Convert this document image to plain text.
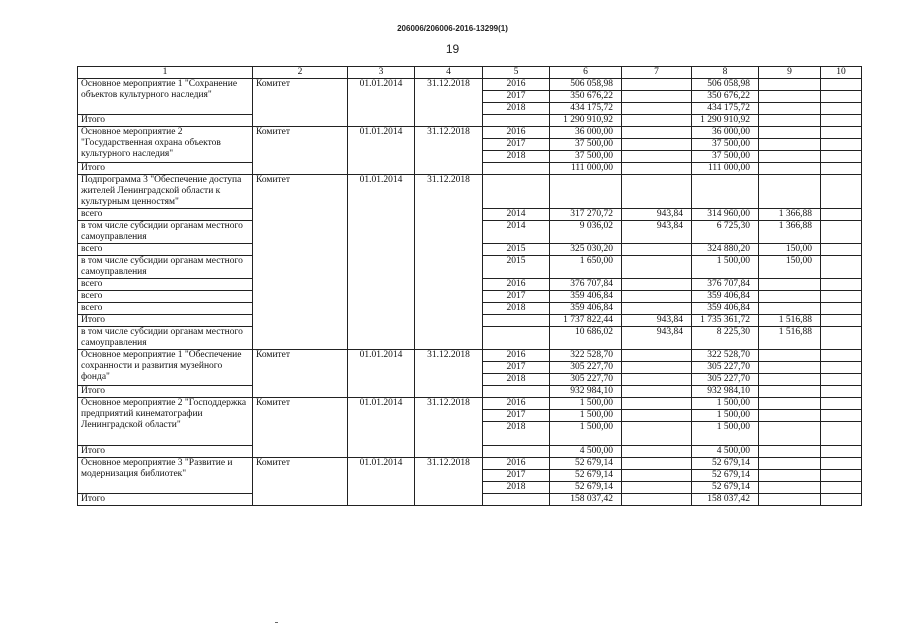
206006/206006-2016-13299(1)
19
1	2	3	4	5	6	7	8	9	10
Основное мероприятие 1 "Сохранение объектов культурного наследия"	Комитет	01.01.2014	31.12.2018	2016	506 058,98		506 058,98		
				2017	350 676,22		350 676,22		
				2018	434 175,72		434 175,72		
Итого					1 290 910,92		1 290 910,92		
Основное мероприятие 2 "Государственная охрана объектов культурного наследия"	Комитет	01.01.2014	31.12.2018	2016	36 000,00		36 000,00		
				2017	37 500,00		37 500,00		
				2018	37 500,00		37 500,00		
Итого					111 000,00		111 000,00		
Подпрограмма 3 "Обеспечение доступа жителей Ленинградской области к культурным ценностям"	Комитет	01.01.2014	31.12.2018						
всего				2014	317 270,72	943,84	314 960,00	1 366,88	
в том числе субсидии органам местного самоуправления				2014	9 036,02	943,84	6 725,30	1 366,88	
всего				2015	325 030,20		324 880,20	150,00	
в том числе субсидии органам местного самоуправления				2015	1 650,00		1 500,00	150,00	
всего				2016	376 707,84		376 707,84		
всего				2017	359 406,84		359 406,84		
всего				2018	359 406,84		359 406,84		
Итого					1 737 822,44	943,84	1 735 361,72	1 516,88	
в том числе субсидии органам местного самоуправления					10 686,02	943,84	8 225,30	1 516,88	
Основное мероприятие 1 "Обеспечение сохранности и развития музейного фонда"	Комитет	01.01.2014	31.12.2018	2016	322 528,70		322 528,70		
				2017	305 227,70		305 227,70		
				2018	305 227,70		305 227,70		
Итого					932 984,10		932 984,10		
Основное мероприятие 2 "Господдержка предприятий кинематографии Ленинградской области"	Комитет	01.01.2014	31.12.2018	2016	1 500,00		1 500,00		
				2017	1 500,00		1 500,00		
				2018	1 500,00		1 500,00		
Итого					4 500,00		4 500,00		
Основное мероприятие 3 "Развитие и модернизация библиотек"	Комитет	01.01.2014	31.12.2018	2016	52 679,14		52 679,14		
				2017	52 679,14		52 679,14		
				2018	52 679,14		52 679,14		
Итого					158 037,42		158 037,42		
